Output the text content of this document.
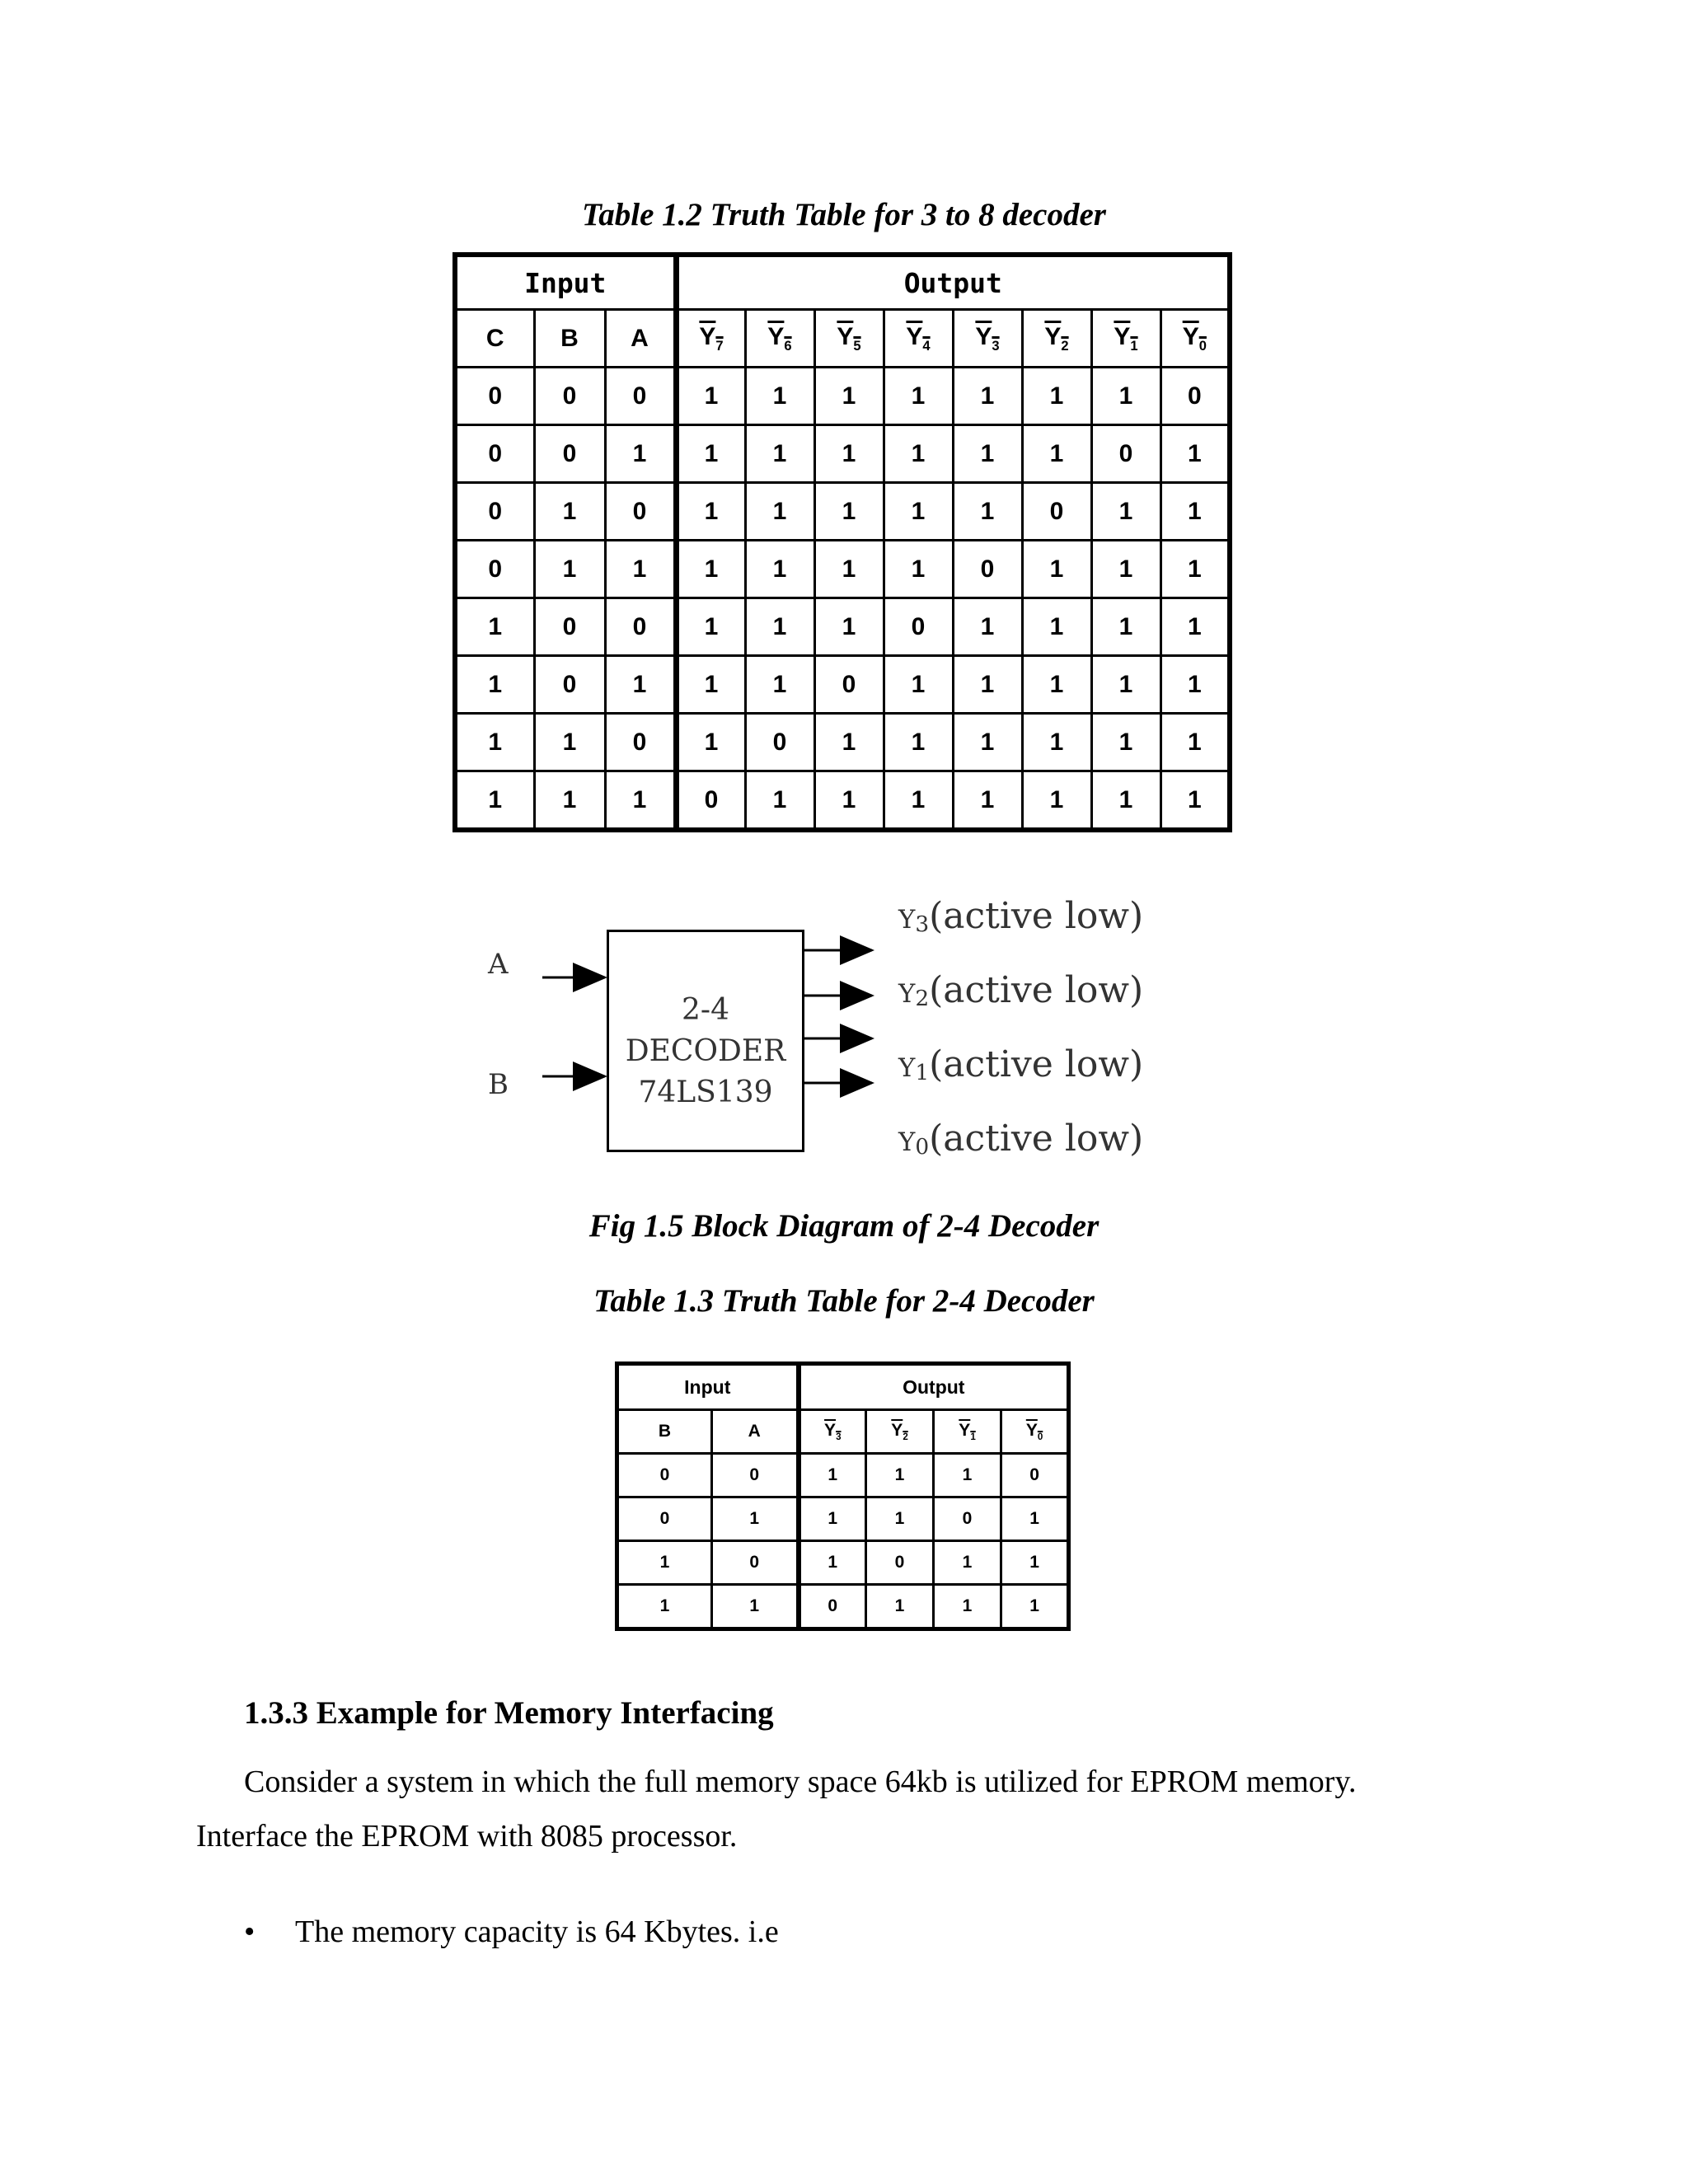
Table 1.2 Truth Table for 3 to 8 decoder
Input			Output							
C	B	A	$Y_7$	$Y_6$	$Y_5$	$Y_4$	$Y_3$	$Y_2$	$Y_1$	$Y_0$
0	0	0	1	1	1	1	1	1	1	0
0	0	1	1	1	1	1	1	1	0	1
0	1	0	1	1	1	1	1	0	1	1
0	1	1	1	1	1	1	0	1	1	1
1	0	0	1	1	1	0	1	1	1	1
1	0	1	1	1	0	1	1	1	1	1
1	1	0	1	0	1	1	1	1	1	1
1	1	1	0	1	1	1	1	1	1	1
A
B
2-4
DECODER
74LS139
Y3(active low)
Y2(active low)
Y1(active low)
Y0(active low)
Fig 1.5 Block Diagram of 2-4 Decoder
Table 1.3 Truth Table for 2-4 Decoder
Input		Output			
B	A	$Y_3$	$Y_2$	$Y_1$	$Y_0$
0	0	1	1	1	0
0	1	1	1	0	1
1	0	1	0	1	1
1	1	0	1	1	1
1.3.3 Example for Memory Interfacing

Consider a system in which the full memory space 64kb is utilized for EPROM memory.

Interface the EPROM with 8085 processor.

• The memory capacity is 64 Kbytes. i.e
